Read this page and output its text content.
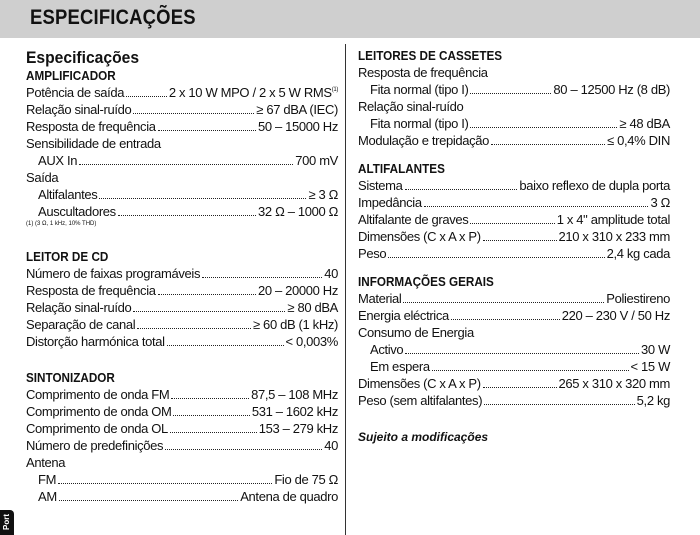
ESPECIFICAÇÕES
Especificações
AMPLIFICADOR
Potência de saída	2 x 10 W MPO / 2 x 5 W RMS$^{(1)}$
Relação sinal-ruído	≥ 67 dBA (IEC)
Resposta de frequência	50 – 15000 Hz
Sensibilidade de entrada
AUX In	700 mV
Saída
Altifalantes	≥ 3 Ω
Auscultadores	32 Ω – 1000 Ω
(1) (3 Ω, 1 kHz, 10% THD)
LEITOR DE CD
Número de faixas programáveis	40
Resposta de frequência	20 – 20000 Hz
Relação sinal-ruído	≥ 80 dBA
Separação de canal	≥ 60 dB (1 kHz)
Distorção harmónica total	< 0,003%
SINTONIZADOR
Comprimento de onda FM	87,5 – 108 MHz
Comprimento de onda OM	531 – 1602 kHz
Comprimento de onda OL	153 – 279 kHz
Número de predefinições	40
Antena
FM	Fio de 75 Ω
AM	Antena de quadro
LEITORES DE CASSETES
Resposta de frequência
Fita normal (tipo I)	80 – 12500 Hz (8 dB)
Relação sinal-ruído
Fita normal (tipo I)	≥ 48 dBA
Modulação e trepidação	≤ 0,4% DIN
ALTIFALANTES
Sistema	baixo reflexo de dupla porta
Impedância	3 Ω
Altifalante de graves	1 x 4" amplitude total
Dimensões (C x A x P)	210 x 310 x 233 mm
Peso	2,4 kg cada
INFORMAÇÕES GERAIS
Material	Poliestireno
Energia eléctrica	220 – 230 V / 50 Hz
Consumo de Energia
Activo	30 W
Em espera	< 15 W
Dimensões (C x A x P)	265 x 310 x 320 mm
Peso (sem altifalantes)	5,2 kg
Sujeito a modificações
Port
